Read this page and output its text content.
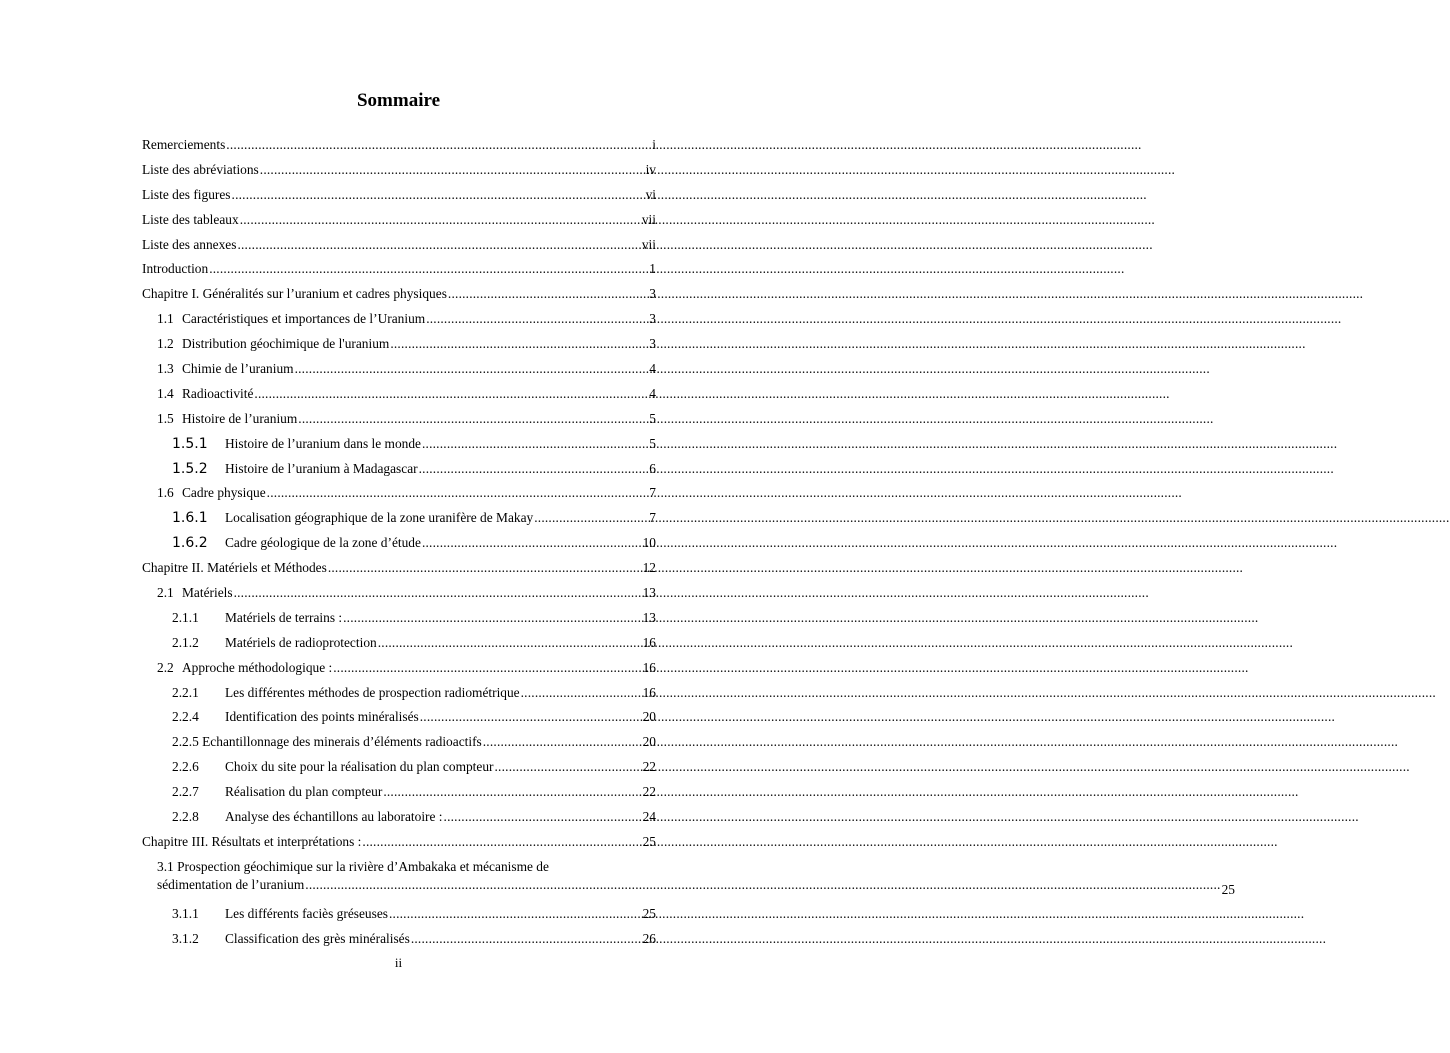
Sommaire
Remerciements .....	i
Liste des abréviations .....	iv
Liste des figures .....	vi
Liste des tableaux .....	vii
Liste des annexes .....	vii
Introduction .....	1
Chapitre I. Généralités sur l’uranium et cadres physiques .....	3
1.1 Caractéristiques et importances de l’Uranium .....	3
1.2 Distribution géochimique de l'uranium .....	3
1.3 Chimie de l’uranium .....	4
1.4 Radioactivité .....	4
1.5 Histoire de l’uranium .....	5
1.5.1	Histoire de l’uranium dans le monde .....	5
1.5.2	Histoire de l’uranium à Madagascar .....	6
1.6 Cadre physique .....	7
1.6.1	Localisation géographique de la zone uranifère de Makay .....	7
1.6.2	Cadre géologique de la zone d’étude .....	10
Chapitre II. Matériels et Méthodes .....	12
2.1 Matériels .....	13
2.1.1	Matériels de terrains : .....	13
2.1.2	Matériels de radioprotection .....	16
2.2 Approche méthodologique : .....	16
2.2.1	Les différentes méthodes de prospection radiométrique .....	16
2.2.4	Identification des points minéralisés .....	20
2.2.5 Echantillonnage des minerais d’éléments radioactifs .....	20
2.2.6	Choix du site pour la réalisation du plan compteur .....	22
2.2.7	Réalisation du plan compteur .....	22
2.2.8	Analyse des échantillons au laboratoire : .....	24
Chapitre III. Résultats et interprétations : .....	25
3.1 Prospection géochimique sur la rivière d’Ambakaka et mécanisme de
sédimentation de l’uranium .....	25
3.1.1	Les différents faciès gréseuses .....	25
3.1.2	Classification des grès minéralisés .....	26
ii
